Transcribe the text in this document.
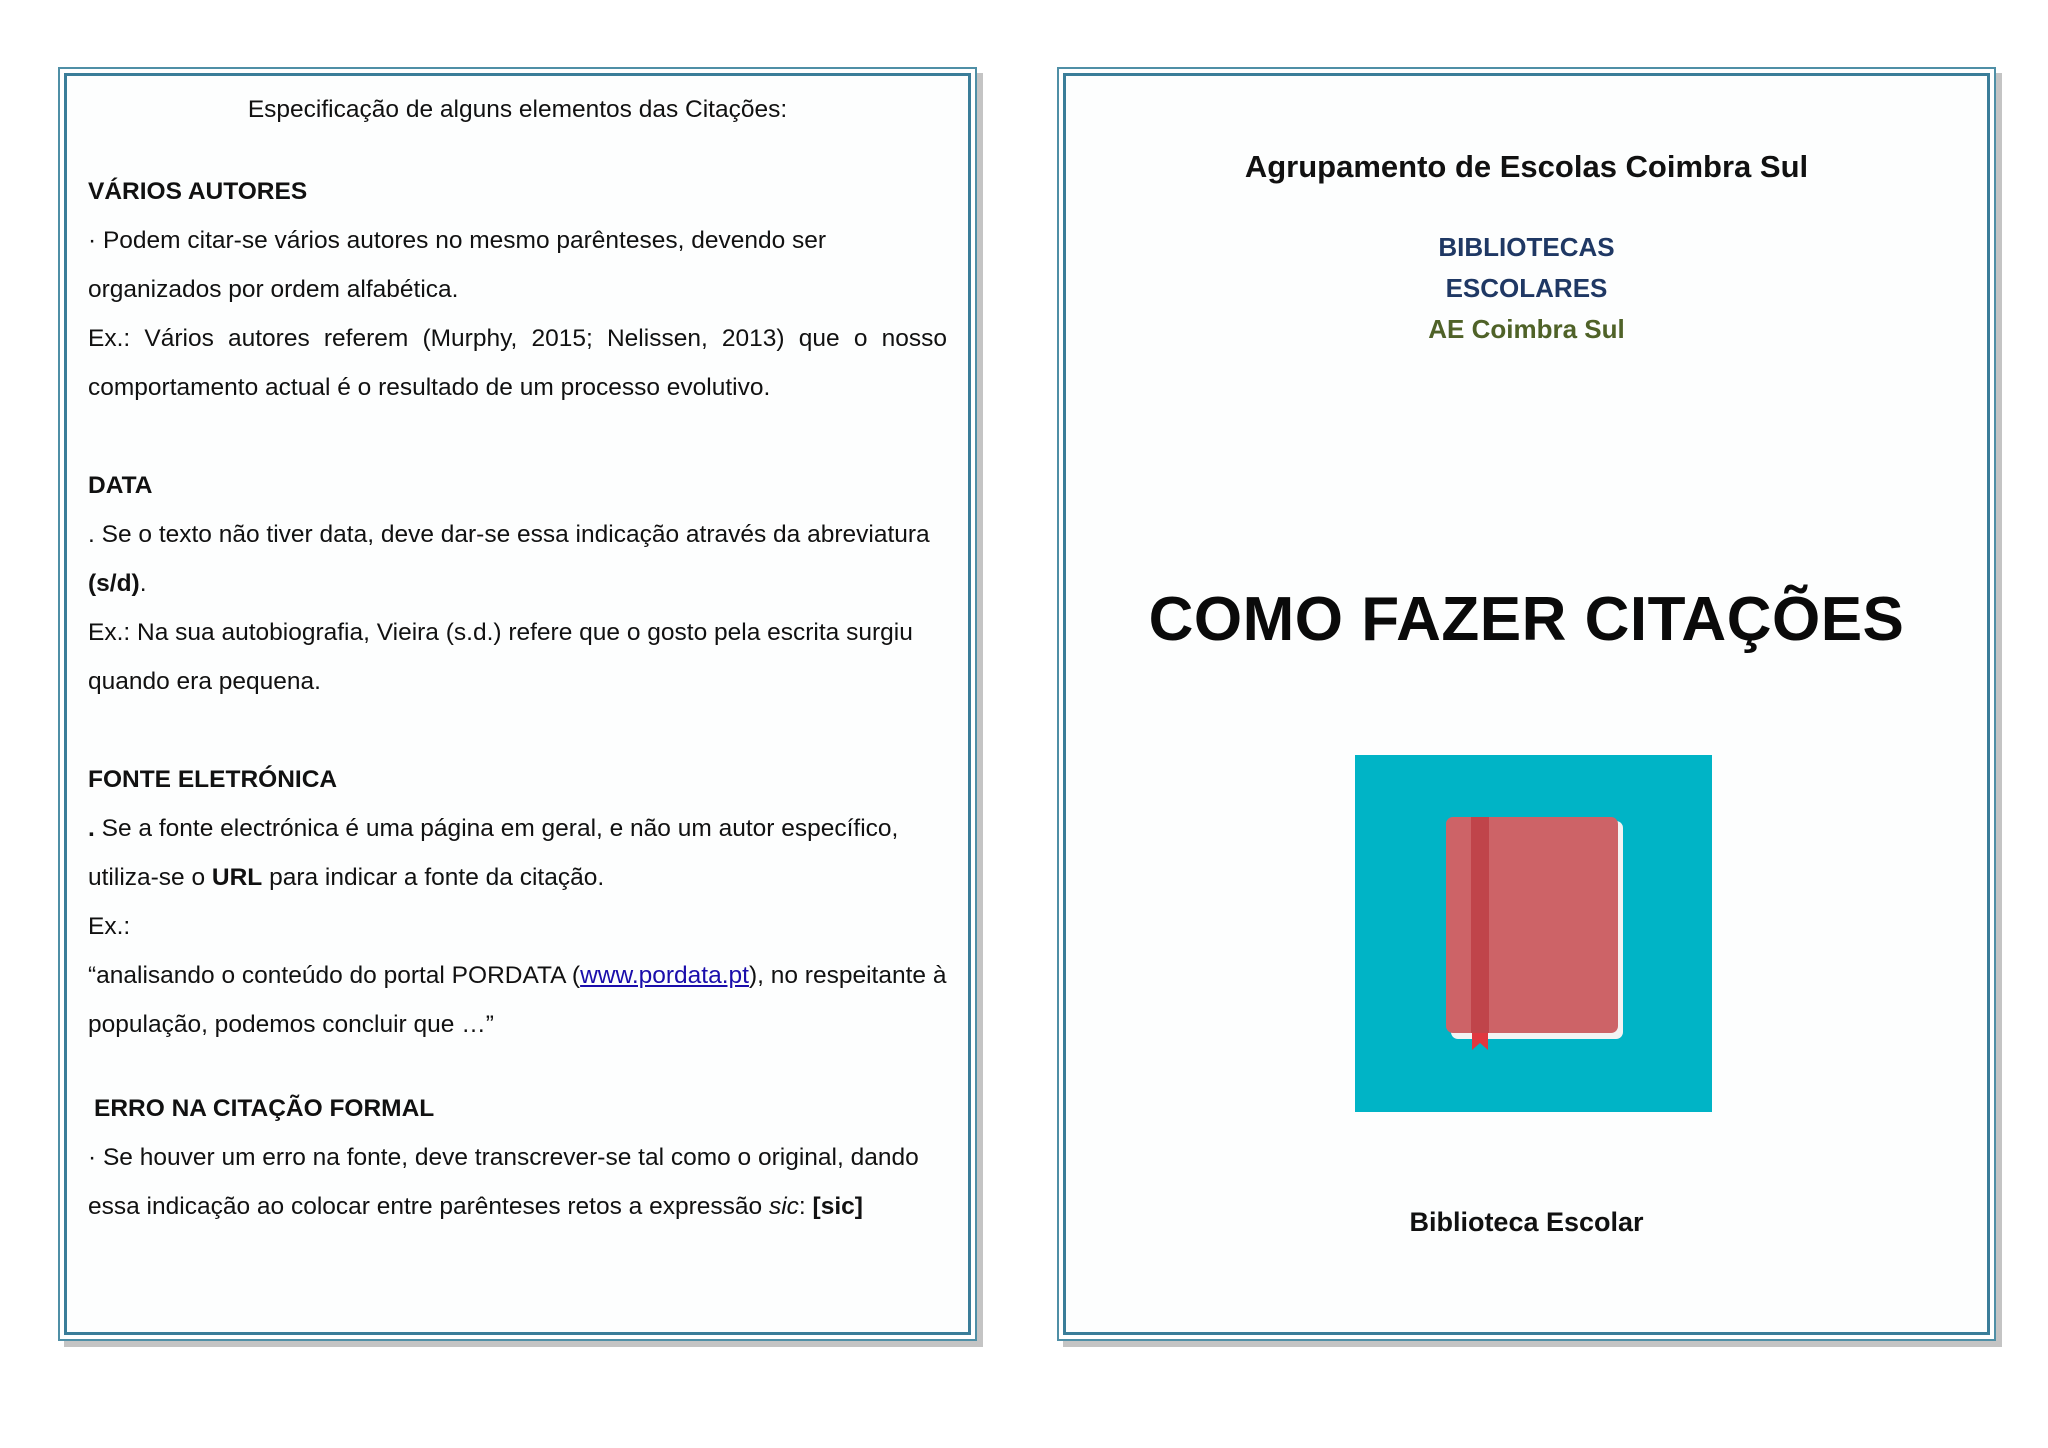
Especificação de alguns elementos das Citações:

VÁRIOS AUTORES

· Podem citar-se vários autores no mesmo parênteses, devendo ser organizados por ordem alfabética.

Ex.: Vários autores referem (Murphy, 2015; Nelissen, 2013) que o nosso comportamento actual é o resultado de um processo evolutivo.

DATA

. Se o texto não tiver data, deve dar-se essa indicação através da abreviatura (s/d).

Ex.: Na sua autobiografia, Vieira (s.d.) refere que o gosto pela escrita surgiu quando era pequena.

FONTE ELETRÓNICA

. Se a fonte electrónica é uma página em geral, e não um autor específico, utiliza-se o URL para indicar a fonte da citação.

Ex.:

“analisando o conteúdo do portal PORDATA (www.pordata.pt), no respeitante à população, podemos concluir que …”

ERRO NA CITAÇÃO FORMAL

· Se houver um erro na fonte, deve transcrever-se tal como o original, dando essa indicação ao colocar entre parênteses retos a expressão sic: [sic]

Agrupamento de Escolas Coimbra Sul
BIBLIOTECAS
ESCOLARES
AE Coimbra Sul
COMO FAZER CITAÇÕES
Biblioteca Escolar
